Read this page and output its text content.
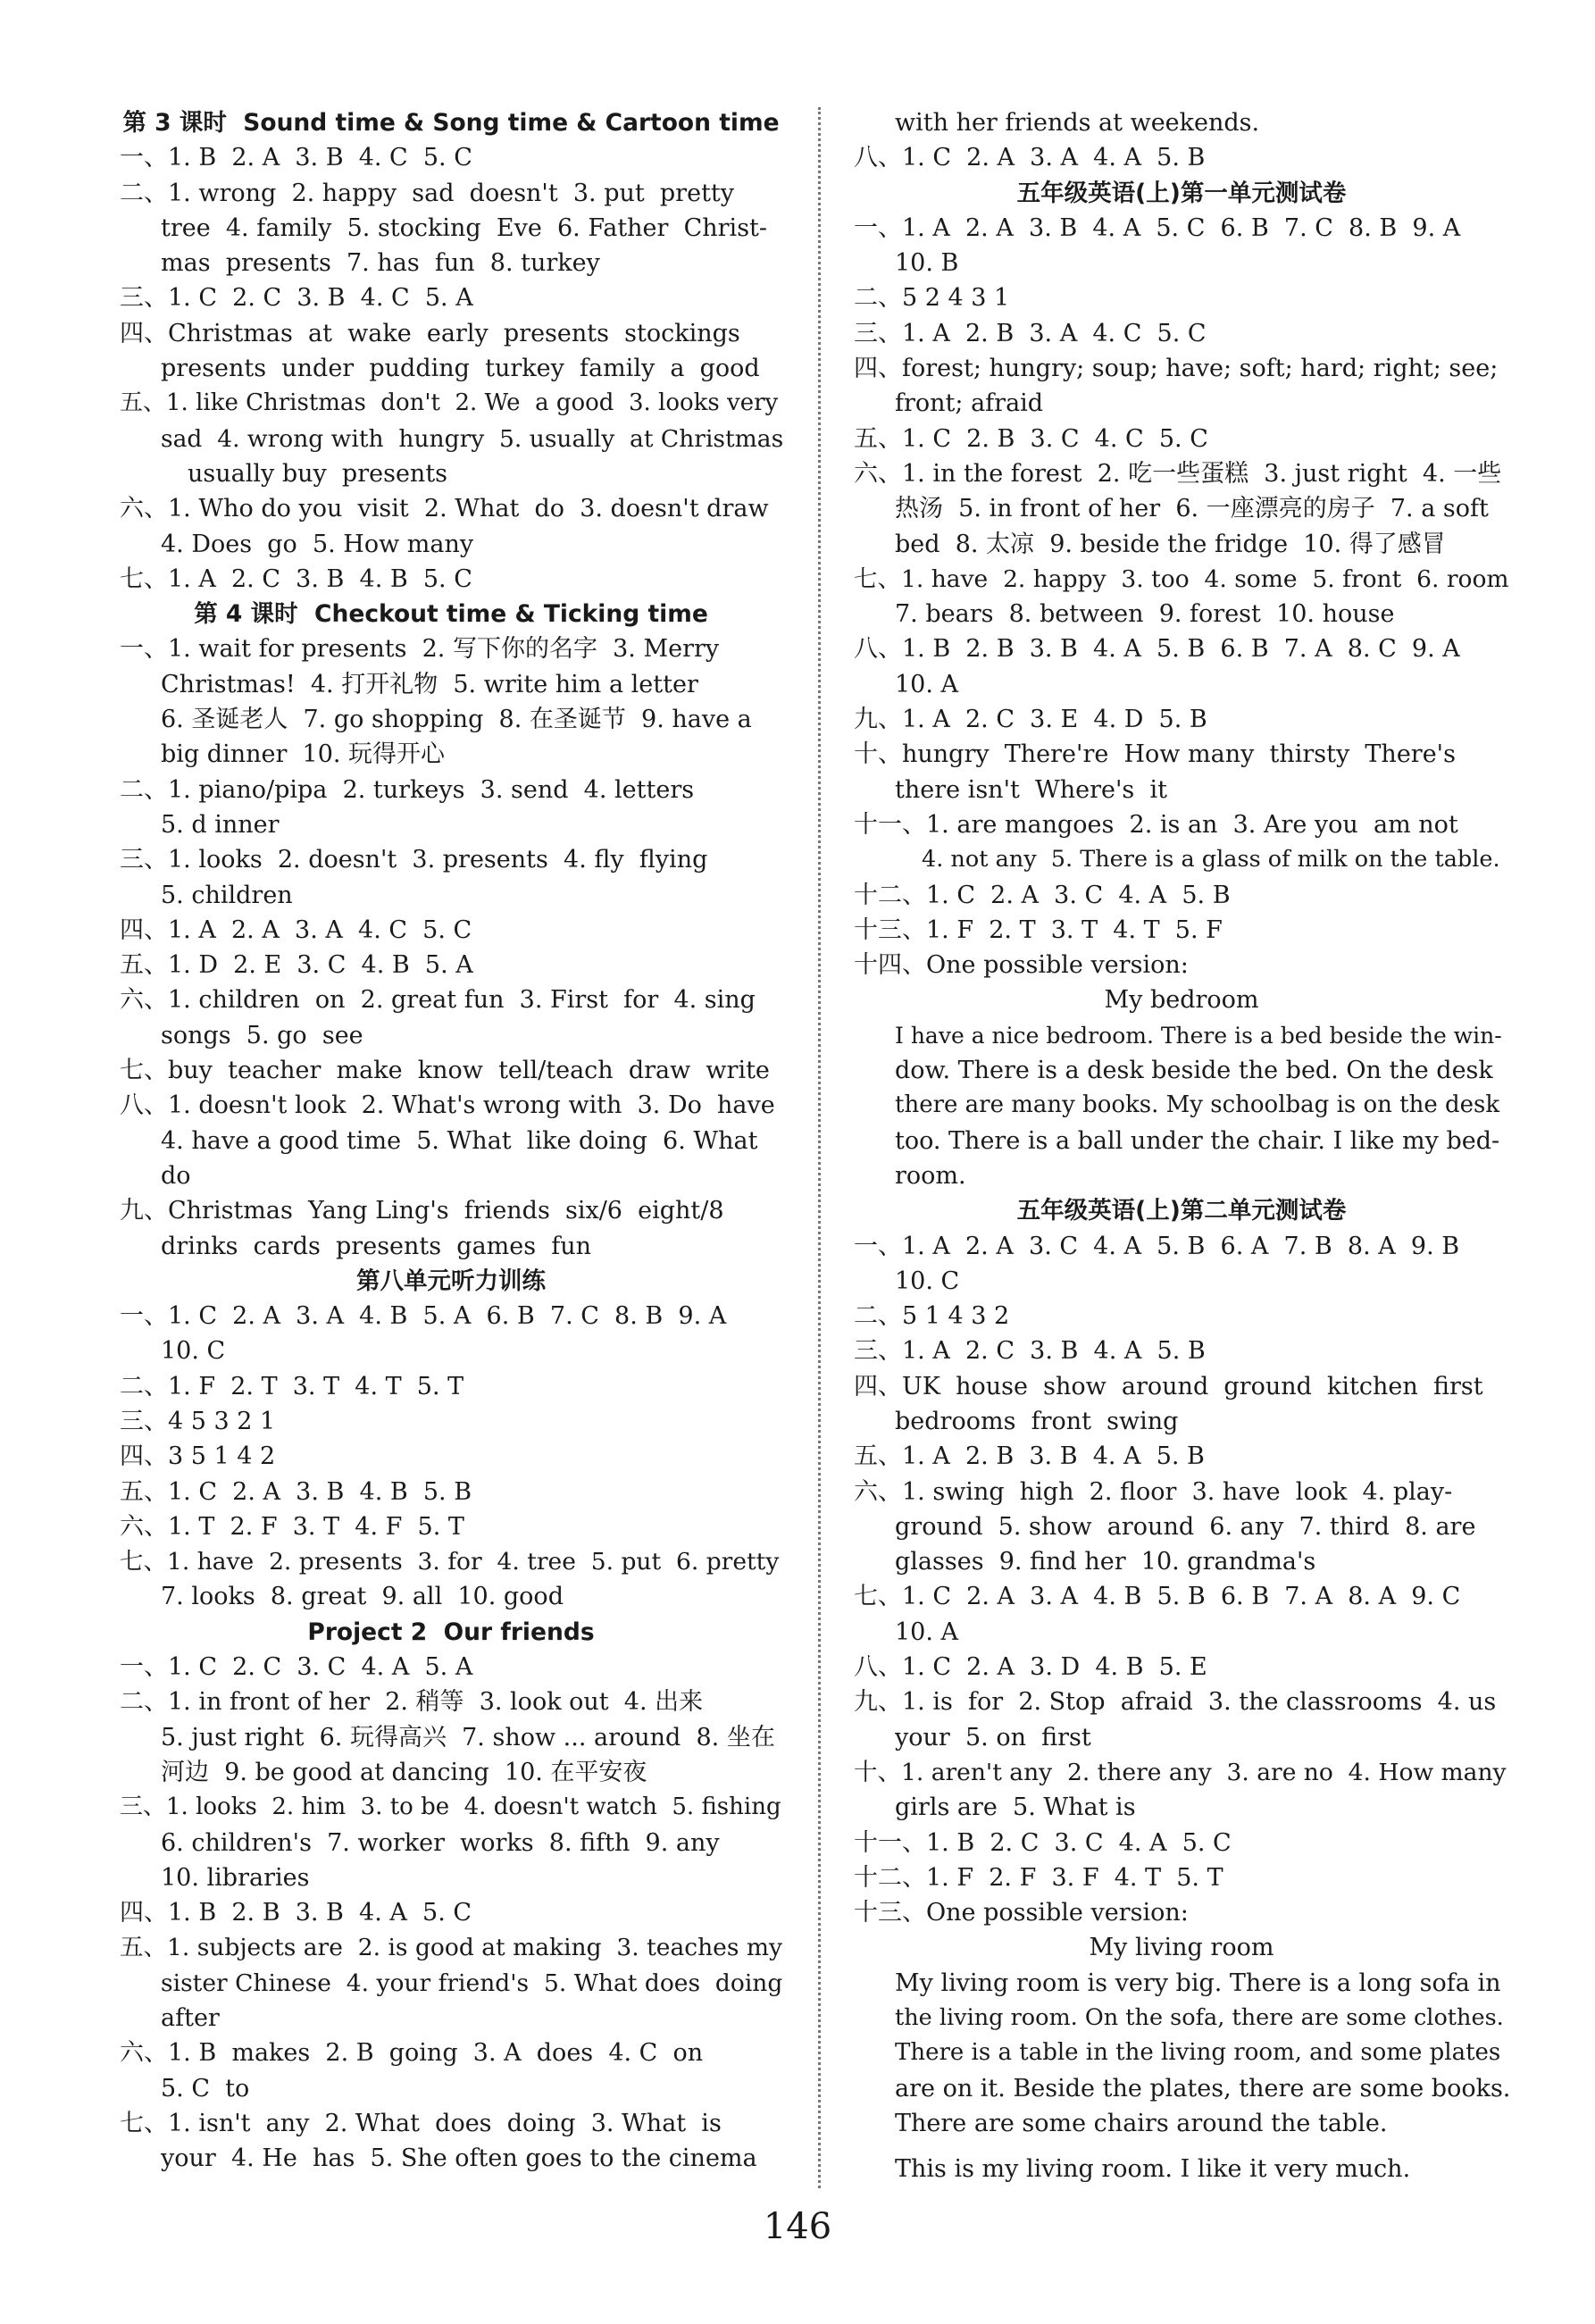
第 3 课时  Sound time & Song time & Cartoon time
一、1. B  2. A  3. B  4. C  5. C
二、1. wrong  2. happy  sad  doesn't  3. put  pretty
tree  4. family  5. stocking  Eve  6. Father  Christ-
mas  presents  7. has  fun  8. turkey
三、1. C  2. C  3. B  4. C  5. A
四、Christmas  at  wake  early  presents  stockings
presents  under  pudding  turkey  family  a  good
五、1. like Christmas  don't  2. We  a good  3. looks very
sad  4. wrong with  hungry  5. usually  at Christmas
usually buy  presents
六、1. Who do you  visit  2. What  do  3. doesn't draw
4. Does  go  5. How many
七、1. A  2. C  3. B  4. B  5. C
第 4 课时  Checkout time & Ticking time
一、1. wait for presents  2. 写下你的名字  3. Merry
Christmas!  4. 打开礼物  5. write him a letter
6. 圣诞老人  7. go shopping  8. 在圣诞节  9. have a
big dinner  10. 玩得开心
二、1. piano/pipa  2. turkeys  3. send  4. letters
5. d inner
三、1. looks  2. doesn't  3. presents  4. fly  flying
5. children
四、1. A  2. A  3. A  4. C  5. C
五、1. D  2. E  3. C  4. B  5. A
六、1. children  on  2. great fun  3. First  for  4. sing
songs  5. go  see
七、buy  teacher  make  know  tell/teach  draw  write
八、1. doesn't look  2. What's wrong with  3. Do  have
4. have a good time  5. What  like doing  6. What
do
九、Christmas  Yang Ling's  friends  six/6  eight/8
drinks  cards  presents  games  fun
第八单元听力训练
一、1. C  2. A  3. A  4. B  5. A  6. B  7. C  8. B  9. A
10. C
二、1. F  2. T  3. T  4. T  5. T
三、4 5 3 2 1
四、3 5 1 4 2
五、1. C  2. A  3. B  4. B  5. B
六、1. T  2. F  3. T  4. F  5. T
七、1. have  2. presents  3. for  4. tree  5. put  6. pretty
7. looks  8. great  9. all  10. good
Project 2  Our friends
一、1. C  2. C  3. C  4. A  5. A
二、1. in front of her  2. 稍等  3. look out  4. 出来
5. just right  6. 玩得高兴  7. show ... around  8. 坐在
河边  9. be good at dancing  10. 在平安夜
三、1. looks  2. him  3. to be  4. doesn't watch  5. fishing
6. children's  7. worker  works  8. fifth  9. any
10. libraries
四、1. B  2. B  3. B  4. A  5. C
五、1. subjects are  2. is good at making  3. teaches my
sister Chinese  4. your friend's  5. What does  doing
after
六、1. B  makes  2. B  going  3. A  does  4. C  on
5. C  to
七、1. isn't  any  2. What  does  doing  3. What  is
your  4. He  has  5. She often goes to the cinema
with her friends at weekends.
八、1. C  2. A  3. A  4. A  5. B
五年级英语(上)第一单元测试卷
一、1. A  2. A  3. B  4. A  5. C  6. B  7. C  8. B  9. A
10. B
二、5 2 4 3 1
三、1. A  2. B  3. A  4. C  5. C
四、forest; hungry; soup; have; soft; hard; right; see;
front; afraid
五、1. C  2. B  3. C  4. C  5. C
六、1. in the forest  2. 吃一些蛋糕  3. just right  4. 一些
热汤  5. in front of her  6. 一座漂亮的房子  7. a soft
bed  8. 太凉  9. beside the fridge  10. 得了感冒
七、1. have  2. happy  3. too  4. some  5. front  6. room
7. bears  8. between  9. forest  10. house
八、1. B  2. B  3. B  4. A  5. B  6. B  7. A  8. C  9. A
10. A
九、1. A  2. C  3. E  4. D  5. B
十、hungry  There're  How many  thirsty  There's
there isn't  Where's  it
十一、1. are mangoes  2. is an  3. Are you  am not
4. not any  5. There is a glass of milk on the table.
十二、1. C  2. A  3. C  4. A  5. B
十三、1. F  2. T  3. T  4. T  5. F
十四、One possible version:
My bedroom
I have a nice bedroom. There is a bed beside the win-
dow. There is a desk beside the bed. On the desk
there are many books. My schoolbag is on the desk
too. There is a ball under the chair. I like my bed-
room.
五年级英语(上)第二单元测试卷
一、1. A  2. A  3. C  4. A  5. B  6. A  7. B  8. A  9. B
10. C
二、5 1 4 3 2
三、1. A  2. C  3. B  4. A  5. B
四、UK  house  show  around  ground  kitchen  first
bedrooms  front  swing
五、1. A  2. B  3. B  4. A  5. B
六、1. swing  high  2. floor  3. have  look  4. play-
ground  5. show  around  6. any  7. third  8. are
glasses  9. find her  10. grandma's
七、1. C  2. A  3. A  4. B  5. B  6. B  7. A  8. A  9. C
10. A
八、1. C  2. A  3. D  4. B  5. E
九、1. is  for  2. Stop  afraid  3. the classrooms  4. us
your  5. on  first
十、1. aren't any  2. there any  3. are no  4. How many
girls are  5. What is
十一、1. B  2. C  3. C  4. A  5. C
十二、1. F  2. F  3. F  4. T  5. T
十三、One possible version:
My living room
My living room is very big. There is a long sofa in
the living room. On the sofa, there are some clothes.
There is a table in the living room, and some plates
are on it. Beside the plates, there are some books.
There are some chairs around the table.
This is my living room. I like it very much.
146
